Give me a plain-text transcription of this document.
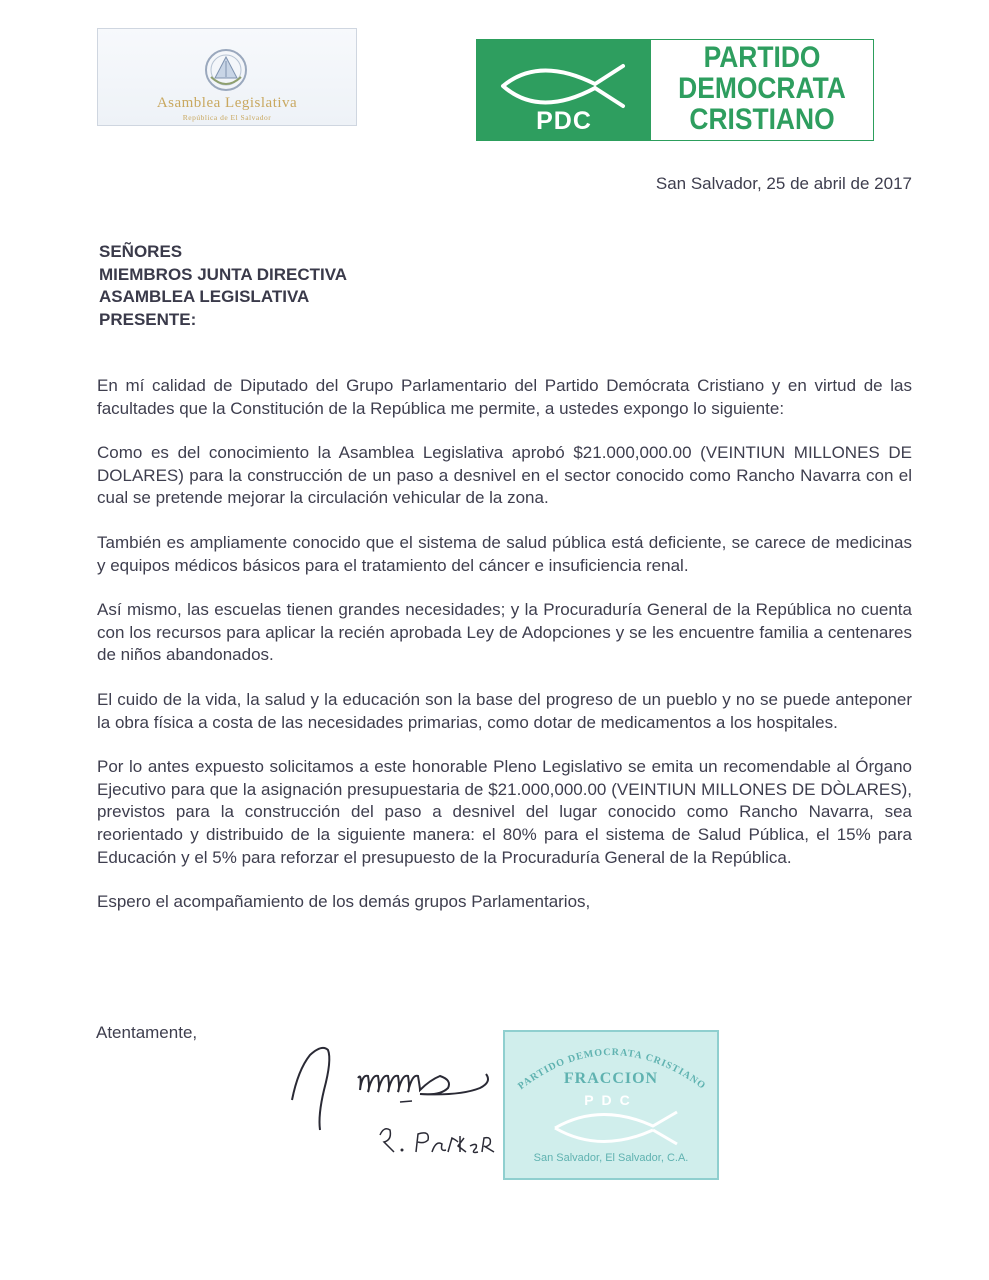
Asamblea Legislativa
República de El Salvador	PDC
PARTIDO
DEMOCRATA
CRISTIANO
San Salvador, 25 de abril de 2017
SEÑORES
MIEMBROS JUNTA DIRECTIVA
ASAMBLEA LEGISLATIVA
PRESENTE:

En mí calidad de Diputado del Grupo Parlamentario del Partido Demócrata Cristiano y en virtud de las facultades que la Constitución de la República me permite, a ustedes expongo lo siguiente:

Como es del conocimiento la Asamblea Legislativa aprobó $21.000,000.00 (VEINTIUN MILLONES DE DOLARES) para la construcción de un paso a desnivel en el sector conocido como Rancho Navarra con el cual se pretende mejorar la circulación vehicular de la zona.

También es ampliamente conocido que el sistema de salud pública está deficiente, se carece de medicinas y equipos médicos básicos para el tratamiento del cáncer e insuficiencia renal.

Así mismo, las escuelas tienen grandes necesidades; y la Procuraduría General de la República no cuenta con los recursos para aplicar la recién aprobada Ley de Adopciones y se les encuentre familia a centenares de niños abandonados.

El cuido de la vida, la salud y la educación son la base del progreso de un pueblo y no se puede anteponer la obra física a costa de las necesidades primarias, como dotar de medicamentos a los hospitales.

Por lo antes expuesto solicitamos a este honorable Pleno Legislativo se emita un recomendable al Órgano Ejecutivo para que la asignación presupuestaria de $21.000,000.00 (VEINTIUN MILLONES DE DÒLARES), previstos para la construcción del paso a desnivel del lugar conocido como Rancho Navarra, sea reorientado y distribuido de la siguiente manera: el 80% para el sistema de Salud Pública, el 15% para Educación y el 5% para reforzar el presupuesto de la Procuraduría General de la República.

Espero el acompañamiento de los demás grupos Parlamentarios,

Atentamente,
PARTIDO DEMOCRATA CRISTIANO
FRACCION
PDC
San Salvador, El Salvador, C.A.
